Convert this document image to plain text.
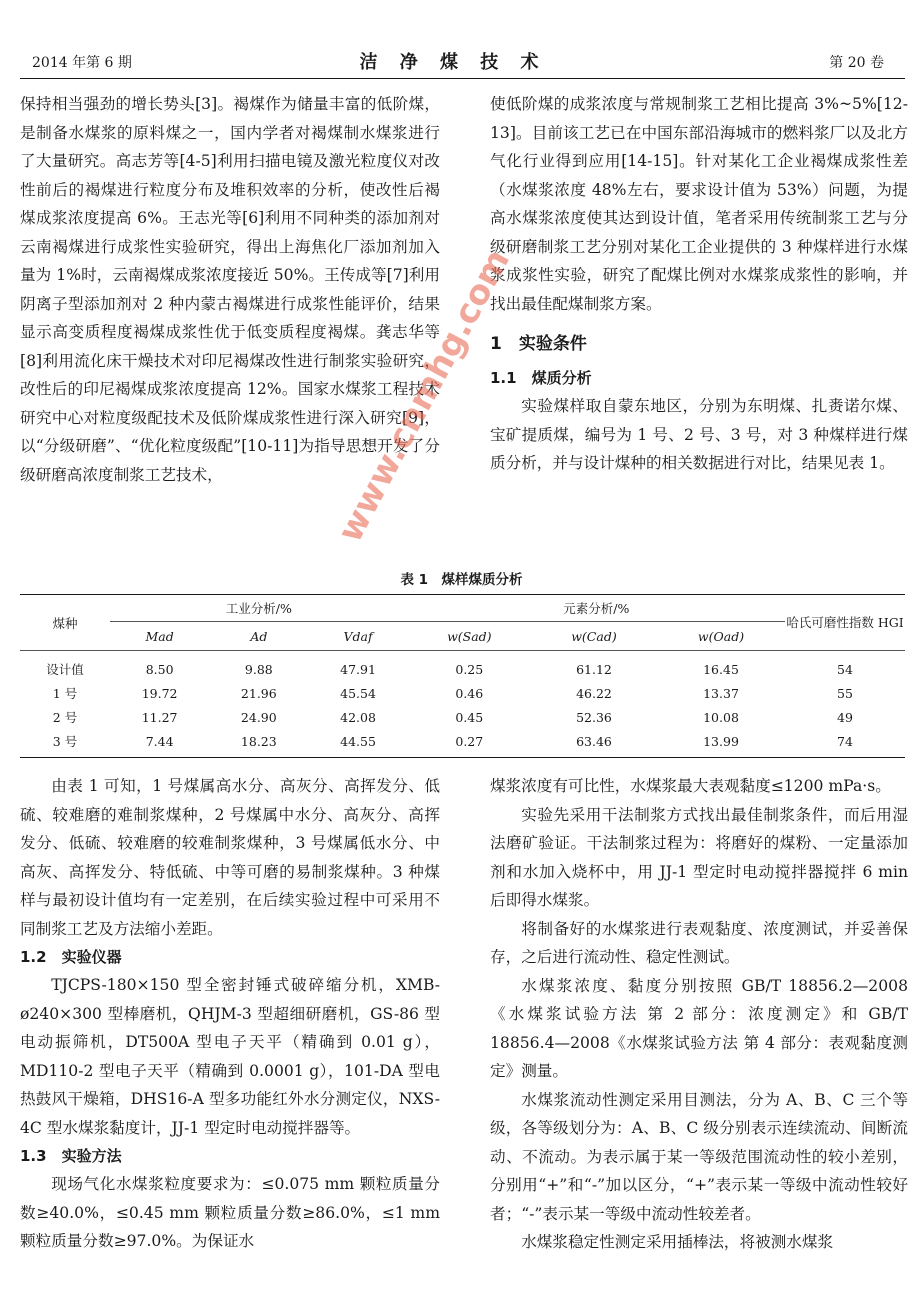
2014 年第 6 期	洁 净 煤 技 术	第 20 卷

保持相当强劲的增长势头[3]。褐煤作为储量丰富的低阶煤，是制备水煤浆的原料煤之一，国内学者对褐煤制水煤浆进行了大量研究。高志芳等[4-5]利用扫描电镜及激光粒度仪对改性前后的褐煤进行粒度分布及堆积效率的分析，使改性后褐煤成浆浓度提高 6%。王志光等[6]利用不同种类的添加剂对云南褐煤进行成浆性实验研究，得出上海焦化厂添加剂加入量为 1%时，云南褐煤成浆浓度接近 50%。王传成等[7]利用阴离子型添加剂对 2 种内蒙古褐煤进行成浆性能评价，结果显示高变质程度褐煤成浆性优于低变质程度褐煤。龚志华等[8]利用流化床干燥技术对印尼褐煤改性进行制浆实验研究，改性后的印尼褐煤成浆浓度提高 12%。国家水煤浆工程技术研究中心对粒度级配技术及低阶煤成浆性进行深入研究[9]，以“分级研磨”、“优化粒度级配”[10-11]为指导思想开发了分级研磨高浓度制浆工艺技术，

使低阶煤的成浆浓度与常规制浆工艺相比提高 3%~5%[12-13]。目前该工艺已在中国东部沿海城市的燃料浆厂以及北方气化行业得到应用[14-15]。针对某化工企业褐煤成浆性差（水煤浆浓度 48%左右，要求设计值为 53%）问题，为提高水煤浆浓度使其达到设计值，笔者采用传统制浆工艺与分级研磨制浆工艺分别对某化工企业提供的 3 种煤样进行水煤浆成浆性实验，研究了配煤比例对水煤浆成浆性的影响，并找出最佳配煤制浆方案。

1　实验条件
1.1　煤质分析

实验煤样取自蒙东地区，分别为东明煤、扎赉诺尔煤、宝矿提质煤，编号为 1 号、2 号、3 号，对 3 种煤样进行煤质分析，并与设计煤种的相关数据进行对比，结果见表 1。

表 1　煤样煤质分析
煤种	工业分析/%			元素分析/%			哈氏可磨性指数 HGI
	Mad	Ad	Vdaf	w(Sad)	w(Cad)	w(Oad)	
设计值	8.50	9.88	47.91	0.25	61.12	16.45	54
1 号	19.72	21.96	45.54	0.46	46.22	13.37	55
2 号	11.27	24.90	42.08	0.45	52.36	10.08	49
3 号	7.44	18.23	44.55	0.27	63.46	13.99	74

由表 1 可知，1 号煤属高水分、高灰分、高挥发分、低硫、较难磨的难制浆煤种，2 号煤属中水分、高灰分、高挥发分、低硫、较难磨的较难制浆煤种，3 号煤属低水分、中高灰、高挥发分、特低硫、中等可磨的易制浆煤种。3 种煤样与最初设计值均有一定差别，在后续实验过程中可采用不同制浆工艺及方法缩小差距。

1.2　实验仪器

TJCPS-180×150 型全密封锤式破碎缩分机，XMB-ø240×300 型棒磨机，QHJM-3 型超细研磨机，GS-86 型电动振筛机，DT500A 型电子天平（精确到 0.01 g），MD110-2 型电子天平（精确到 0.0001 g），101-DA 型电热鼓风干燥箱，DHS16-A 型多功能红外水分测定仪，NXS-4C 型水煤浆黏度计，JJ-1 型定时电动搅拌器等。

1.3　实验方法

现场气化水煤浆粒度要求为：≤0.075 mm 颗粒质量分数≥40.0%，≤0.45 mm 颗粒质量分数≥86.0%，≤1 mm 颗粒质量分数≥97.0%。为保证水

煤浆浓度有可比性，水煤浆最大表观黏度≤1200 mPa·s。

实验先采用干法制浆方式找出最佳制浆条件，而后用湿法磨矿验证。干法制浆过程为：将磨好的煤粉、一定量添加剂和水加入烧杯中，用 JJ-1 型定时电动搅拌器搅拌 6 min 后即得水煤浆。

将制备好的水煤浆进行表观黏度、浓度测试，并妥善保存，之后进行流动性、稳定性测试。

水煤浆浓度、黏度分别按照 GB/T 18856.2—2008《水煤浆试验方法 第 2 部分：浓度测定》和 GB/T 18856.4—2008《水煤浆试验方法 第 4 部分：表观黏度测定》测量。

水煤浆流动性测定采用目测法，分为 A、B、C 三个等级，各等级划分为：A、B、C 级分别表示连续流动、间断流动、不流动。为表示属于某一等级范围流动性的较小差别，分别用“+”和“-”加以区分，“+”表示某一等级中流动性较好者；“-”表示某一等级中流动性较差者。

水煤浆稳定性测定采用插棒法，将被测水煤浆

www.cnmhg.com
